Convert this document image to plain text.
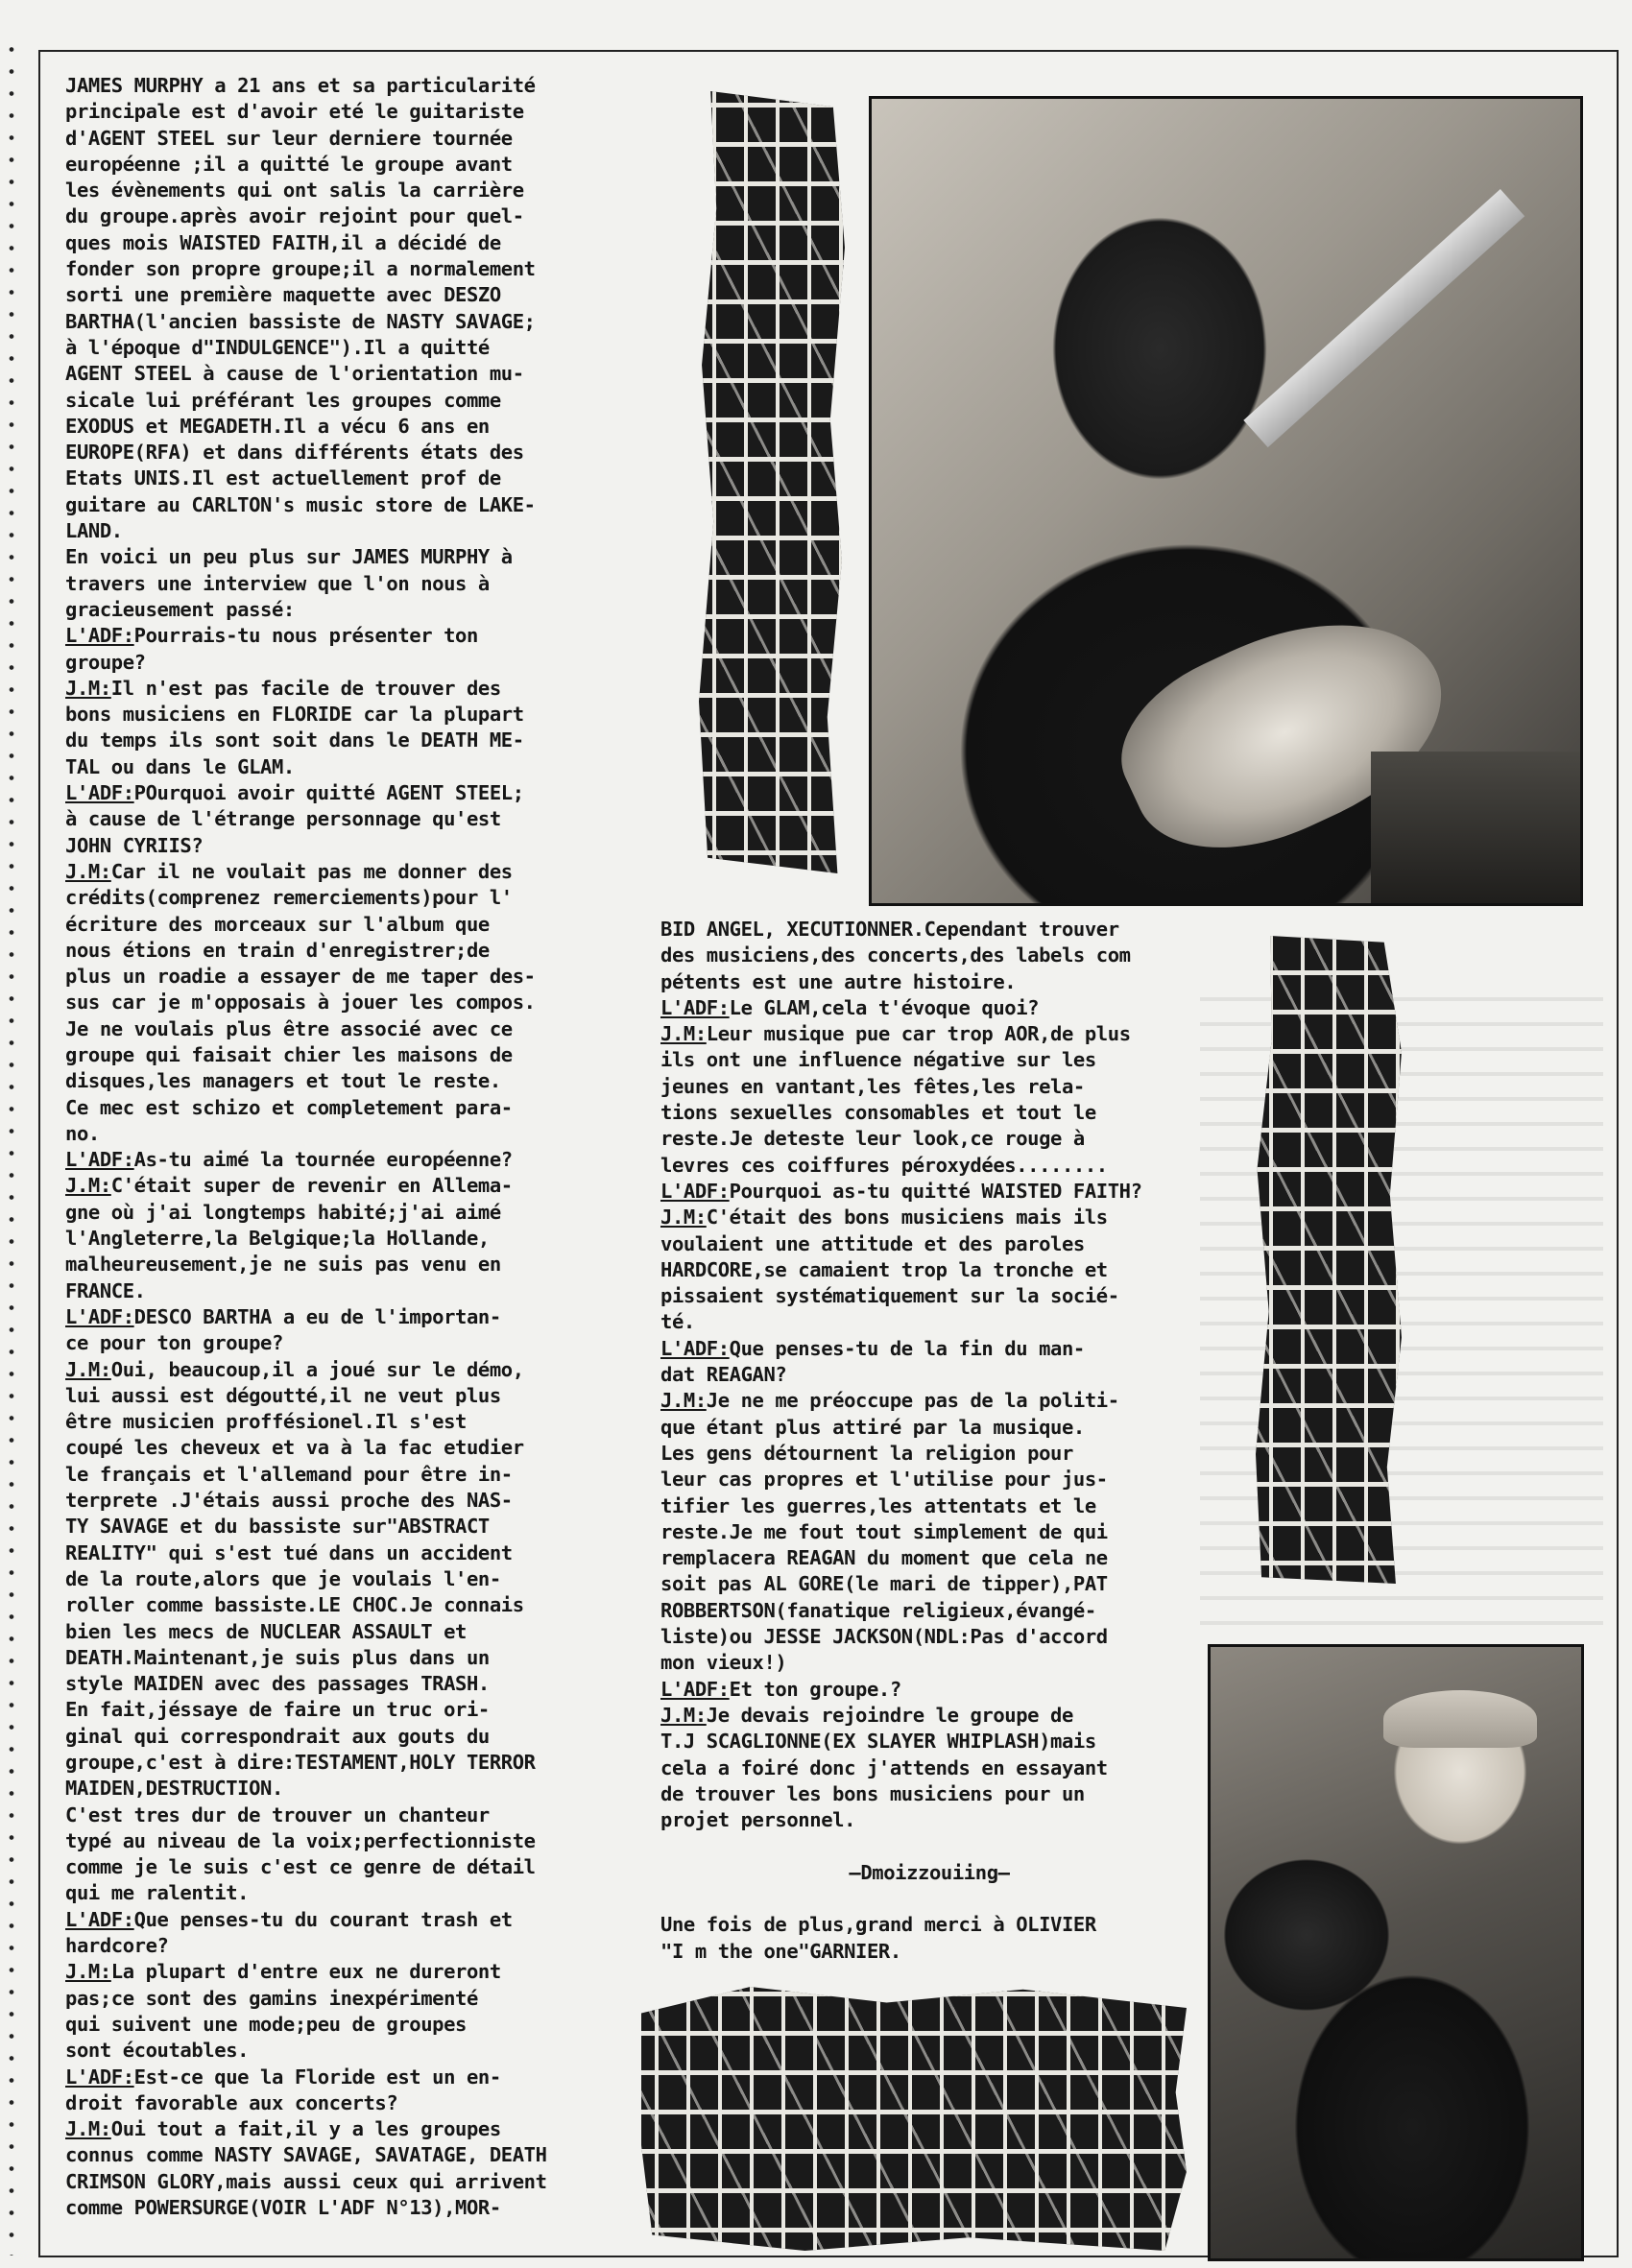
JAMES MURPHY a 21 ans et sa particularité

principale est d'avoir eté le guitariste

d'AGENT STEEL sur leur derniere tournée

européenne ;il a quitté le groupe avant

les évènements qui ont salis la carrière

du groupe.après avoir rejoint pour quel-

ques mois WAISTED FAITH,il a décidé de

fonder son propre groupe;il a normalement

sorti une première maquette avec DESZO

BARTHA(l'ancien bassiste de NASTY SAVAGE;

à l'époque d"INDULGENCE").Il a quitté

AGENT STEEL à cause de l'orientation mu-

sicale lui préférant les groupes comme

EXODUS et MEGADETH.Il a vécu 6 ans en

EUROPE(RFA) et dans différents états des

Etats UNIS.Il est actuellement prof de

guitare au CARLTON's music store de LAKE-

LAND.

En voici un peu plus sur JAMES MURPHY à

travers une interview que l'on nous à

gracieusement passé:

L'ADF:Pourrais-tu nous présenter ton

groupe?

J.M:Il n'est pas facile de trouver des

bons musiciens en FLORIDE car la plupart

du temps ils sont soit dans le DEATH ME-

TAL ou dans le GLAM.

L'ADF:POurquoi avoir quitté AGENT STEEL;

à cause de l'étrange personnage qu'est

JOHN CYRIIS?

J.M:Car il ne voulait pas me donner des

crédits(comprenez remerciements)pour l'

écriture des morceaux sur l'album que

nous étions en train d'enregistrer;de

plus un roadie a essayer de me taper des-

sus car je m'opposais à jouer les compos.

Je ne voulais plus être associé avec ce

groupe qui faisait chier les maisons de

disques,les managers et tout le reste.

Ce mec est schizo et completement para-

no.

L'ADF:As-tu aimé la tournée européenne?

J.M:C'était super de revenir en Allema-

gne où j'ai longtemps habité;j'ai aimé

l'Angleterre,la Belgique;la Hollande,

malheureusement,je ne suis pas venu en

FRANCE.

L'ADF:DESCO BARTHA a eu de l'importan-

ce pour ton groupe?

J.M:Oui, beaucoup,il a joué sur le démo,

lui aussi est dégoutté,il ne veut plus

être musicien proffésionel.Il s'est

coupé les cheveux et va à la fac etudier

le français et l'allemand pour être in-

terprete .J'étais aussi proche des NAS-

TY SAVAGE et du bassiste sur"ABSTRACT

REALITY" qui s'est tué dans un accident

de la route,alors que je voulais l'en-

roller comme bassiste.LE CHOC.Je connais

bien les mecs de NUCLEAR ASSAULT et

DEATH.Maintenant,je suis plus dans un

style MAIDEN avec des passages TRASH.

En fait,jéssaye de faire un truc ori-

ginal qui correspondrait aux gouts du

groupe,c'est à dire:TESTAMENT,HOLY TERROR

MAIDEN,DESTRUCTION.

C'est tres dur de trouver un chanteur

typé au niveau de la voix;perfectionniste

comme je le suis c'est ce genre de détail

qui me ralentit.

L'ADF:Que penses-tu du courant trash et

hardcore?

J.M:La plupart d'entre eux ne dureront

pas;ce sont des gamins inexpérimenté

qui suivent une mode;peu de groupes

sont écoutables.

L'ADF:Est-ce que la Floride est un en-

droit favorable aux concerts?

J.M:Oui tout a fait,il y a les groupes

connus comme NASTY SAVAGE, SAVATAGE, DEATH

CRIMSON GLORY,mais aussi ceux qui arrivent

comme POWERSURGE(VOIR L'ADF N°13),MOR-

BID ANGEL, XECUTIONNER.Cependant trouver

des musiciens,des concerts,des labels com

pétents est une autre histoire.

L'ADF:Le GLAM,cela t'évoque quoi?

J.M:Leur musique pue car trop AOR,de plus

ils ont une influence négative sur les

jeunes en vantant,les fêtes,les rela-

tions sexuelles consomables et tout le

reste.Je deteste leur look,ce rouge à

levres ces coiffures péroxydées........

L'ADF:Pourquoi as-tu quitté WAISTED FAITH?

J.M:C'était des bons musiciens mais ils

voulaient une attitude et des paroles

HARDCORE,se camaient trop la tronche et

pissaient systématiquement sur la socié-

té.

L'ADF:Que penses-tu de la fin du man-

dat REAGAN?

J.M:Je ne me préoccupe pas de la politi-

que étant plus attiré par la musique.

Les gens détournent la religion pour

leur cas propres et l'utilise pour jus-

tifier les guerres,les attentats et le

reste.Je me fout tout simplement de qui

remplacera REAGAN du moment que cela ne

soit pas AL GORE(le mari de tipper),PAT

ROBBERTSON(fanatique religieux,évangé-

liste)ou JESSE JACKSON(NDL:Pas d'accord

mon vieux!)

L'ADF:Et ton groupe.?

J.M:Je devais rejoindre le groupe de

T.J SCAGLIONNE(EX SLAYER WHIPLASH)mais

cela a foiré donc j'attends en essayant

de trouver les bons musiciens pour un

projet personnel.

—Dmoizzouiing—

Une fois de plus,grand merci à OLIVIER

"I m the one"GARNIER.
